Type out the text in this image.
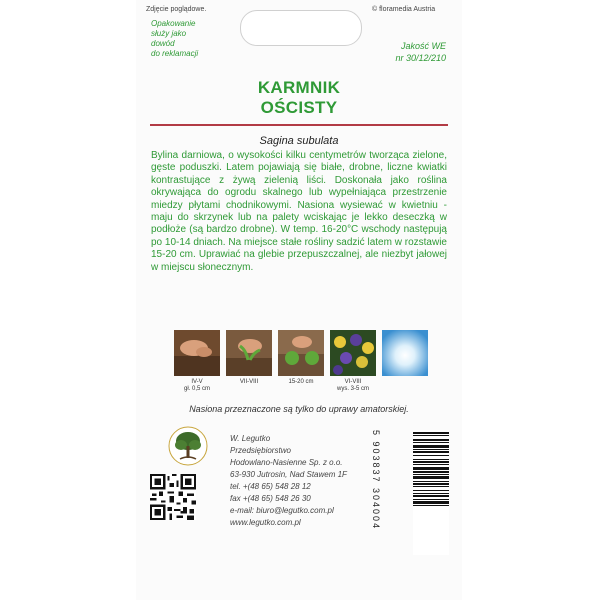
Zdjęcie poglądowe.	© floramedia Austria
Opakowanie
służy jako
dowód
do reklamacji
Jakość WE
nr 30/12/210
KARMNIK
OŚCISTY
Sagina subulata
Bylina darniowa, o wysokości kilku centymetrów tworząca zielone, gęste poduszki. Latem pojawiają się białe, drobne, liczne kwiatki kontrastujące z żywą zielenią liści. Doskonała jako roślina okrywająca do ogrodu skalnego lub wypełniająca przestrzenie miedzy płytami chodnikowymi. Nasiona wysiewać w kwietniu - maju do skrzynek lub na palety wciskając je lekko deseczką w podłoże (są bardzo drobne). W temp. 16-20°C wschody następują po 10-14 dniach. Na miejsce stałe rośliny sadzić latem w rozstawie 15-20 cm. Uprawiać na glebie przepuszczalnej, ale niezbyt jałowej w miejscu słonecznym.
IV-V
gł. 0,5 cm
VII-VIII	15-20 cm	VI-VIII
wys. 3-5 cm
Nasiona przeznaczone są tylko do uprawy amatorskiej.
W. Legutko
Przedsiębiorstwo
Hodowlano-Nasienne Sp. z o.o.
63-930 Jutrosin, Nad Stawem 1F
tel. +(48 65) 548 28 12
fax +(48 65) 548 26 30
e-mail: biuro@legutko.com.pl
www.legutko.com.pl	5 903837 304004
